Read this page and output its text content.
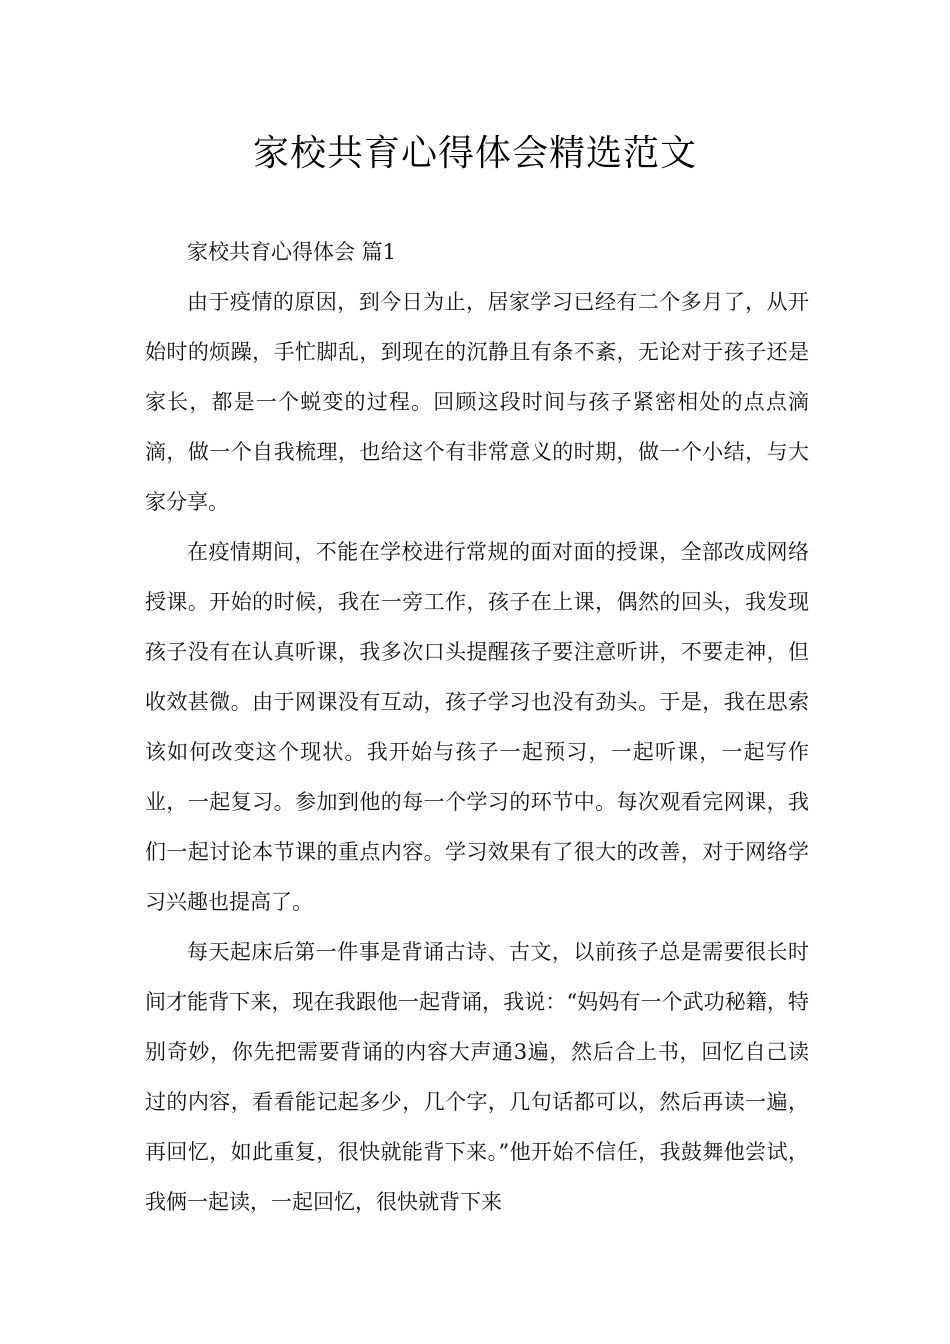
家校共育心得体会精选范文

家校共育心得体会 篇1

由于疫情的原因，到今日为止，居家学习已经有二个多月了，从开始时的烦躁，手忙脚乱，到现在的沉静且有条不紊，无论对于孩子还是家长，都是一个蜕变的过程。回顾这段时间与孩子紧密相处的点点滴滴，做一个自我梳理，也给这个有非常意义的时期，做一个小结，与大家分享。

在疫情期间，不能在学校进行常规的面对面的授课，全部改成网络授课。开始的时候，我在一旁工作，孩子在上课，偶然的回头，我发现孩子没有在认真听课，我多次口头提醒孩子要注意听讲，不要走神，但收效甚微。由于网课没有互动，孩子学习也没有劲头。于是，我在思索该如何改变这个现状。我开始与孩子一起预习，一起听课，一起写作业，一起复习。参加到他的每一个学习的环节中。每次观看完网课，我们一起讨论本节课的重点内容。学习效果有了很大的改善，对于网络学习兴趣也提高了。

每天起床后第一件事是背诵古诗、古文，以前孩子总是需要很长时间才能背下来，现在我跟他一起背诵，我说：“妈妈有一个武功秘籍，特别奇妙，你先把需要背诵的内容大声通3遍，然后合上书，回忆自己读过的内容，看看能记起多少，几个字，几句话都可以，然后再读一遍，再回忆，如此重复，很快就能背下来。”他开始不信任，我鼓舞他尝试，我俩一起读，一起回忆，很快就背下来
